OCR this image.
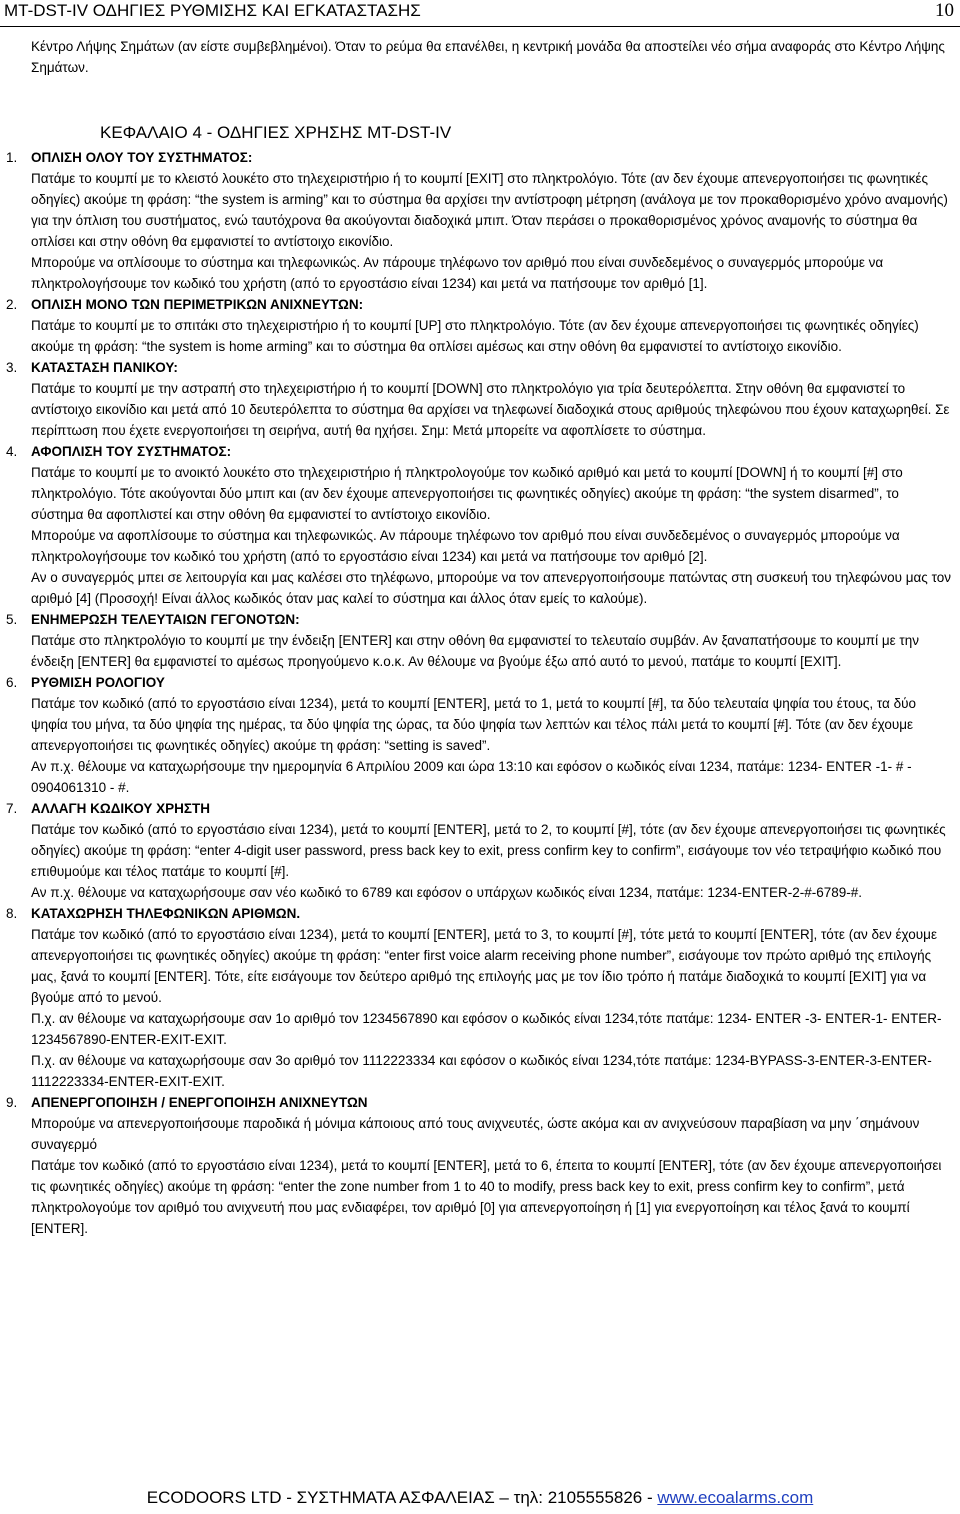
MT-DST-IV ΟΔΗΓΙΕΣ ΡΥΘΜΙΣΗΣ ΚΑΙ ΕΓΚΑΤΑΣΤΑΣΗΣ	10

Κέντρο Λήψης Σημάτων (αν είστε συμβεβλημένοι). Όταν το ρεύμα θα επανέλθει, η κεντρική μονάδα θα αποστείλει νέο σήμα αναφοράς στο Κέντρο Λήψης Σημάτων.

ΚΕΦΑΛΑΙΟ 4 - ΟΔΗΓΙΕΣ ΧΡΗΣΗΣ MT-DST-IV
1.	ΟΠΛΙΣΗ ΟΛΟΥ ΤΟΥ ΣΥΣΤΗΜΑΤΟΣ:

Πατάμε το κουμπί με το κλειστό λουκέτο στο τηλεχειριστήριο ή το κουμπί [EXIT] στο πληκτρολόγιο. Τότε (αν δεν έχουμε απενεργοποιήσει τις φωνητικές οδηγίες) ακούμε τη φράση: “the system is arming” και το σύστημα θα αρχίσει την αντίστροφη μέτρηση (ανάλογα με τον προκαθορισμένο χρόνο αναμονής) για την όπλιση του συστήματος, ενώ ταυτόχρονα θα ακούγονται διαδοχικά μπιπ. Όταν περάσει ο προκαθορισμένος χρόνος αναμονής το σύστημα θα οπλίσει και στην οθόνη θα εμφανιστεί το αντίστοιχο εικονίδιο.

Μπορούμε να οπλίσουμε το σύστημα και τηλεφωνικώς. Αν πάρουμε τηλέφωνο τον αριθμό που είναι συνδεδεμένος ο συναγερμός μπορούμε να πληκτρολογήσουμε τον κωδικό του χρήστη (από το εργοστάσιο είναι 1234) και μετά να πατήσουμε τον αριθμό [1].

2.	ΟΠΛΙΣΗ ΜΟΝΟ ΤΩΝ ΠΕΡΙΜΕΤΡΙΚΩΝ ΑΝΙΧΝΕΥΤΩΝ:

Πατάμε το κουμπί με το σπιτάκι στο τηλεχειριστήριο ή το κουμπί [UP] στο πληκτρολόγιο. Τότε (αν δεν έχουμε απενεργοποιήσει τις φωνητικές οδηγίες) ακούμε τη φράση: “the system is home arming” και το σύστημα θα οπλίσει αμέσως και στην οθόνη θα εμφανιστεί το αντίστοιχο εικονίδιο.

3.	ΚΑΤΑΣΤΑΣΗ ΠΑΝΙΚΟΥ:

Πατάμε το κουμπί με την αστραπή στο τηλεχειριστήριο ή το κουμπί [DOWN] στο πληκτρολόγιο για τρία δευτερόλεπτα. Στην οθόνη θα εμφανιστεί το αντίστοιχο εικονίδιο και μετά από 10 δευτερόλεπτα το σύστημα θα αρχίσει να τηλεφωνεί διαδοχικά στους αριθμούς τηλεφώνου που έχουν καταχωρηθεί. Σε περίπτωση που έχετε ενεργοποιήσει τη σειρήνα, αυτή θα ηχήσει. Σημ: Μετά μπορείτε να αφοπλίσετε το σύστημα.

4.	ΑΦΟΠΛΙΣΗ ΤΟΥ ΣΥΣΤΗΜΑΤΟΣ:

Πατάμε το κουμπί με το ανοικτό λουκέτο στο τηλεχειριστήριο ή πληκτρολογούμε τον κωδικό αριθμό και μετά το κουμπί [DOWN] ή το κουμπί [#] στο πληκτρολόγιο. Τότε ακούγονται δύο μπιπ και (αν δεν έχουμε απενεργοποιήσει τις φωνητικές οδηγίες) ακούμε τη φράση: “the system disarmed”, το σύστημα θα αφοπλιστεί και στην οθόνη θα εμφανιστεί το αντίστοιχο εικονίδιο.

Μπορούμε να αφοπλίσουμε το σύστημα και τηλεφωνικώς. Αν πάρουμε τηλέφωνο τον αριθμό που είναι συνδεδεμένος ο συναγερμός μπορούμε να πληκτρολογήσουμε τον κωδικό του χρήστη (από το εργοστάσιο είναι 1234) και μετά να πατήσουμε τον αριθμό [2].

Αν ο συναγερμός μπει σε λειτουργία και μας καλέσει στο τηλέφωνο, μπορούμε να τον απενεργοποιήσουμε πατώντας στη συσκευή του τηλεφώνου μας τον αριθμό [4] (Προσοχή! Είναι άλλος κωδικός όταν μας καλεί το σύστημα και άλλος όταν εμείς το καλούμε).

5.	ΕΝΗΜΕΡΩΣΗ ΤΕΛΕΥΤΑΙΩΝ ΓΕΓΟΝΟΤΩΝ:

Πατάμε στο πληκτρολόγιο το κουμπί με την ένδειξη [ENTER] και στην οθόνη θα εμφανιστεί το τελευταίο συμβάν. Αν ξαναπατήσουμε το κουμπί με την ένδειξη [ENTER] θα εμφανιστεί το αμέσως προηγούμενο κ.ο.κ. Αν θέλουμε να βγούμε έξω από αυτό το μενού, πατάμε το κουμπί [EXIT].

6.	ΡΥΘΜΙΣΗ ΡΟΛΟΓΙΟΥ

Πατάμε τον κωδικό (από το εργοστάσιο είναι 1234), μετά το κουμπί [ENTER], μετά το 1, μετά το κουμπί [#], τα δύο τελευταία ψηφία του έτους, τα δύο ψηφία του μήνα, τα δύο ψηφία της ημέρας, τα δύο ψηφία της ώρας, τα δύο ψηφία των λεπτών και τέλος πάλι μετά το κουμπί [#]. Τότε (αν δεν έχουμε απενεργοποιήσει τις φωνητικές οδηγίες) ακούμε τη φράση: “setting is saved”.

Αν π.χ. θέλουμε να καταχωρήσουμε την ημερομηνία 6 Απριλίου 2009 και ώρα 13:10 και εφόσον ο κωδικός είναι 1234, πατάμε: 1234- ENTER -1- # - 0904061310 - #.

7.	ΑΛΛΑΓΗ ΚΩΔΙΚΟΥ ΧΡΗΣΤΗ

Πατάμε τον κωδικό (από το εργοστάσιο είναι 1234), μετά το κουμπί [ENTER], μετά το 2, το κουμπί [#], τότε (αν δεν έχουμε απενεργοποιήσει τις φωνητικές οδηγίες) ακούμε τη φράση: “enter 4-digit user password, press back key to exit, press confirm key to confirm”, εισάγουμε τον νέο τετραψήφιο κωδικό που επιθυμούμε και τέλος πατάμε το κουμπί [#].

Αν π.χ. θέλουμε να καταχωρήσουμε σαν νέο κωδικό το 6789 και εφόσον ο υπάρχων κωδικός είναι 1234, πατάμε: 1234-ENTER-2-#-6789-#.

8.	ΚΑΤΑΧΩΡΗΣΗ ΤΗΛΕΦΩΝΙΚΩΝ ΑΡΙΘΜΩΝ.

Πατάμε τον κωδικό (από το εργοστάσιο είναι 1234), μετά το κουμπί [ENTER], μετά το 3, το κουμπί [#], τότε μετά το κουμπί [ENTER], τότε (αν δεν έχουμε απενεργοποιήσει τις φωνητικές οδηγίες) ακούμε τη φράση: “enter first voice alarm receiving phone number”, εισάγουμε τον πρώτο αριθμό της επιλογής μας, ξανά το κουμπί [ENTER]. Τότε, είτε εισάγουμε τον δεύτερο αριθμό της επιλογής μας με τον ίδιο τρόπο ή πατάμε διαδοχικά το κουμπί [EXIT] για να βγούμε από το μενού.

Π.χ. αν θέλουμε να καταχωρήσουμε σαν 1ο αριθμό τον 1234567890 και εφόσον ο κωδικός είναι 1234,τότε πατάμε: 1234- ENTER -3- ENTER-1- ENTER-1234567890-ENTER-EXIT-EXIT.

Π.χ. αν θέλουμε να καταχωρήσουμε σαν 3ο αριθμό τον 1112223334 και εφόσον ο κωδικός είναι 1234,τότε πατάμε: 1234-BYPASS-3-ENTER-3-ENTER-1112223334-ENTER-EXIT-EXIT.

9.	ΑΠΕΝΕΡΓΟΠΟΙΗΣΗ / ΕΝΕΡΓΟΠΟΙΗΣΗ ΑΝΙΧΝΕΥΤΩΝ

Μπορούμε να απενεργοποιήσουμε παροδικά ή μόνιμα κάποιους από τους ανιχνευτές, ώστε ακόμα και αν ανιχνεύσουν παραβίαση να μην ΄σημάνουν συναγερμό

Πατάμε τον κωδικό (από το εργοστάσιο είναι 1234), μετά το κουμπί [ENTER], μετά το 6, έπειτα το κουμπί [ENTER], τότε (αν δεν έχουμε απενεργοποιήσει τις φωνητικές οδηγίες) ακούμε τη φράση: “enter the zone number from 1 to 40 to modify, press back key to exit, press confirm key to confirm”, μετά πληκτρολογούμε τον αριθμό του ανιχνευτή που μας ενδιαφέρει, τον αριθμό [0] για απενεργοποίηση ή [1] για ενεργοποίηση και τέλος ξανά το κουμπί [ENTER].

ECODOORS LTD - ΣΥΣΤΗΜΑΤΑ ΑΣΦΑΛΕΙΑΣ – τηλ: 2105555826 - www.ecoalarms.com
